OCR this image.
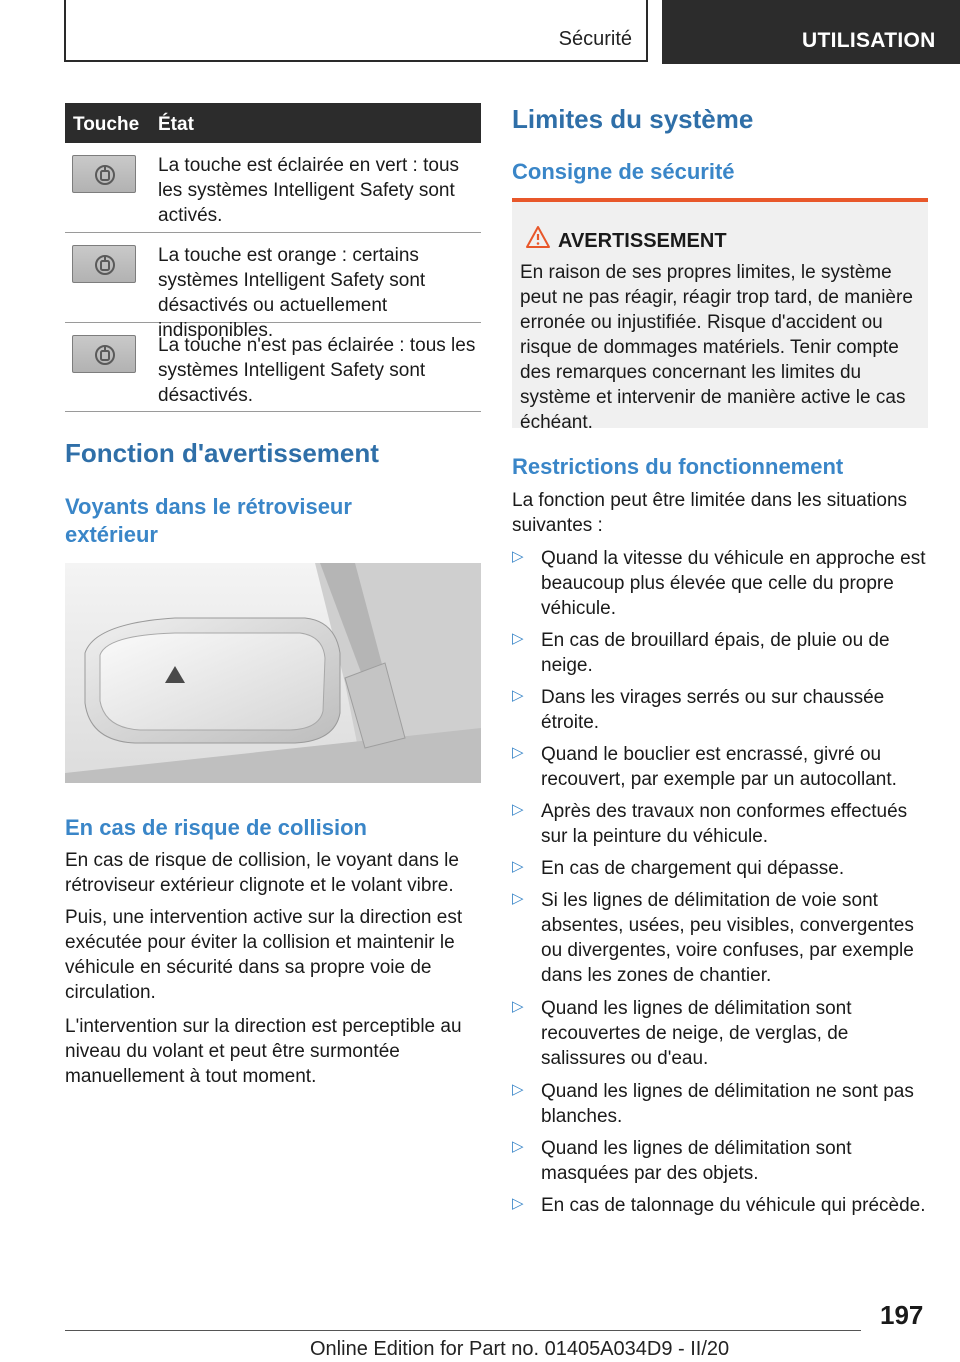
Sécurité	UTILISATION
Touche État
La touche est éclairée en vert : tous les systèmes Intelligent Safety sont activés.
La touche est orange : certains systèmes Intelligent Safety sont désactivés ou actuellement indisponibles.
La touche n'est pas éclairée : tous les systèmes Intelligent Safety sont désactivés.
Fonction d'avertissement
Voyants dans le rétroviseur extérieur
En cas de risque de collision

En cas de risque de collision, le voyant dans le rétroviseur extérieur clignote et le volant vibre.

Puis, une intervention active sur la direction est exécutée pour éviter la collision et maintenir le véhicule en sécurité dans sa propre voie de circulation.

L'intervention sur la direction est perceptible au niveau du volant et peut être surmontée manuellement à tout moment.

Limites du système
Consigne de sécurité
AVERTISSEMENT
En raison de ses propres limites, le système peut ne pas réagir, réagir trop tard, de manière erronée ou injustifiée. Risque d'accident ou risque de dommages matériels. Tenir compte des remarques concernant les limites du système et intervenir de manière active le cas échéant.
Restrictions du fonctionnement

La fonction peut être limitée dans les situations suivantes :

▷ Quand la vitesse du véhicule en approche est beaucoup plus élevée que celle du propre véhicule.
▷ En cas de brouillard épais, de pluie ou de neige.
▷ Dans les virages serrés ou sur chaussée étroite.
▷ Quand le bouclier est encrassé, givré ou recouvert, par exemple par un autocollant.
▷ Après des travaux non conformes effectués sur la peinture du véhicule.
▷ En cas de chargement qui dépasse.
▷ Si les lignes de délimitation de voie sont absentes, usées, peu visibles, convergentes ou divergentes, voire confuses, par exemple dans les zones de chantier.
▷ Quand les lignes de délimitation sont recouvertes de neige, de verglas, de salissures ou d'eau.
▷ Quand les lignes de délimitation ne sont pas blanches.
▷ Quand les lignes de délimitation sont masquées par des objets.
▷ En cas de talonnage du véhicule qui précède.
197
Online Edition for Part no. 01405A034D9 - II/20
